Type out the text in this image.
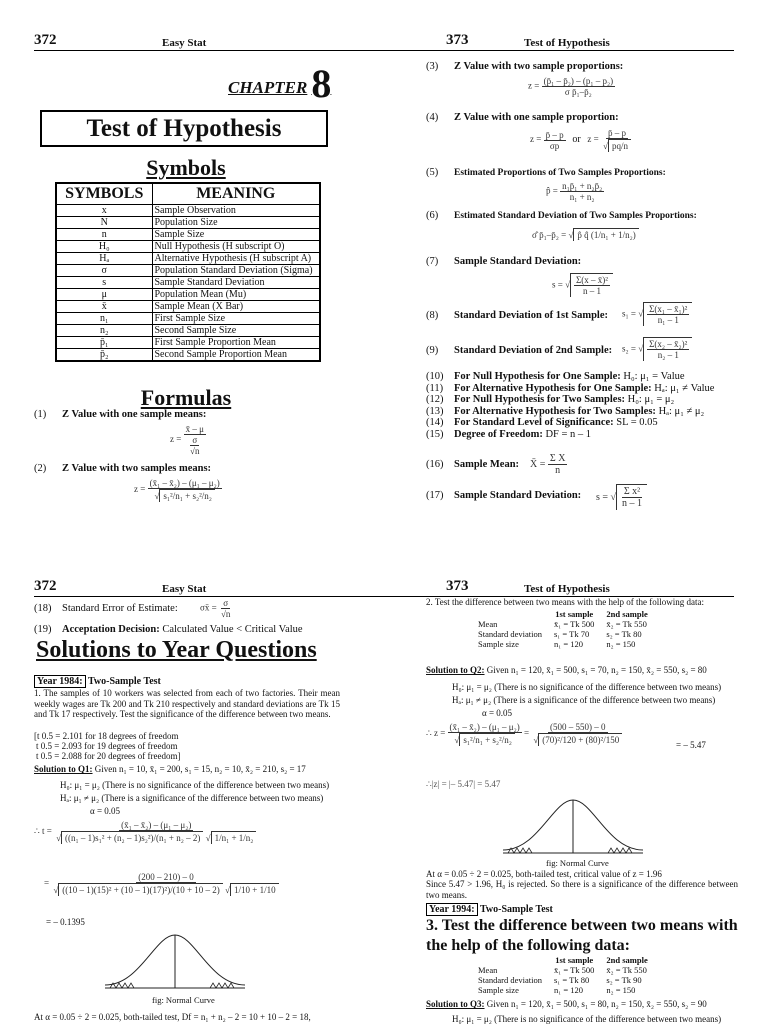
372	Easy Stat	Test of Hypothesis
373
CHAPTER 8
Test of Hypothesis
Symbols
SYMBOLS	MEANING
x	Sample Observation
N	Population Size
n	Sample Size
H₀	Null Hypothesis (H subscript O)
Hₐ	Alternative Hypothesis (H subscript A)
σ	Population Standard Deviation (Sigma)
s	Sample Standard Deviation
μ	Population Mean (Mu)
x̄	Sample Mean (X Bar)
n₁	First Sample Size
n₂	Second Sample Size
p̄₁	First Sample Proportion Mean
p̄₂	Second Sample Proportion Mean
Formulas
(1) Z Value with one sample means:
$z = \frac{x̄ - \mu}{\frac{\sigma}{√n}}$
(2) Z Value with two samples means:
$z = \frac{\text{(x̄₁ – x̄₂) – (μ₁ – μ₂)}}{\text{√ s₁²/n₁ + s₂²/n₂}}$
(3) Z Value with two sample proportions:
$z = \frac{\text{(p̄₁ – p̄₂) – (p₁ – p₂)}}{\text{σ p̄₁–p̄₂}}$
(4) Z Value with one sample proportion:
$z = \frac{p̄ - p}{\sigma p}$ or   $z = \frac{p̄ - p}{√ pq/n}$
(5) Estimated Proportions of Two Samples Proportions:
p̂ = $\frac{\text{n₁p̄₁ + n₂p̄₂}}{\text{n₁ + n₂}}$
(6) Estimated Standard Deviation of Two Samples Proportions:
σ̂ p̄₁–p̄₂ = √ p̂ q̂ (1/n₁ + 1/n₂)
(7) Sample Standard Deviation:
s = √ $\frac{\text{Σ(x – x̄)²}}{n - 1}$
(8) Standard Deviation of 1st Sample: s₁ = √ $\frac{\text{Σ(x₁ – x̄₁)²}}{\text{n₁ – 1}}$
(9) Standard Deviation of 2nd Sample: s₂ = √ $\frac{\text{Σ(x₂ – x̄₂)²}}{\text{n₂ – 1}}$
(10) For Null Hypothesis for One Sample: H₀: μ₁ = Value
(11) For Alternative Hypothesis for One Sample: Hₐ: μ₁ ≠ Value
(12) For Null Hypothesis for Two Samples: H₀: μ₁ = μ₂
(13) For Alternative Hypothesis for Two Samples: Hₐ: μ₁ ≠ μ₂
(14) For Standard Level of Significance: SL = 0.05
(15) Degree of Freedom: DF = n – 1
(16) Sample Mean: X̄ = $\frac{\text{Σ X}}{n}$
(17) Sample Standard Deviation: s = √ $\frac{\text{Σ x²}}{n - 1}$
372	Easy Stat	Test of Hypothesis
373
(18) Standard Error of Estimate: σx̄ = $\frac{\sigma}{√n}$
(19) Acceptation Decision: Calculated Value < Critical Value
Solutions to Year Questions
Year 1984: Two-Sample Test
1. The samples of 10 workers was selected from each of two factories. Their mean weekly wages are Tk 200 and Tk 210 respectively and standard deviations are Tk 15 and Tk 17 respectively. Test the significance of the difference between two means.
[t 0.5 = 2.101 for 18 degrees of freedom
t 0.5 = 2.093 for 19 degrees of freedom
t 0.5 = 2.088 for 20 degrees of freedom]
Solution to Q1: Given n₁ = 10, x̄₁ = 200, s₁ = 15, n₂ = 10, x̄₂ = 210, s₂ = 17
H₀: μ₁ = μ₂ (There is no significance of the difference between two means)
Hₐ: μ₁ ≠ μ₂ (There is a significance of the difference between two means)
α = 0.05
∴ $t = \frac{\text{(x̄₁ – x̄₂) – (μ₁ – μ₂)}}{\text{√ ((n₁ – 1)s₁² + (n₂ – 1)s₂²)/(n₁ + n₂ – 2) √ 1/n₁ + 1/n₂}}$
= $\frac{(200 - 210) - 0}{\text{√ ((10 – 1)(15)² + (10 – 1)(17)²)/(10 + 10 – 2) √ 1/10 + 1/10}}$
= – 0.1395
fig: Normal Curve
At α = 0.05 ÷ 2 = 0.025, both-tailed test, Df = n₁ + n₂ – 2 = 10 + 10 – 2 = 18,
2. Test the difference between two means with the help of the following data:
	1st sample	2nd sample
Mean	x̄₁ = Tk 500	x̄₂ = Tk 550
Standard deviation	s₁ = Tk 70	s₂ = Tk 80
Sample size	n₁ = 120	n₂ = 150
Solution to Q2: Given n₁ = 120, x̄₁ = 500, s₁ = 70, n₂ = 150, x̄₂ = 550, s₂ = 80
H₀: μ₁ = μ₂ (There is no significance of the difference between two means)
Hₐ: μ₁ ≠ μ₂ (There is a significance of the difference between two means)
α = 0.05
∴ $z = \frac{\text{(x̄₁ – x̄₂) – (μ₁ – μ₂)}}{\text{√ s₁²/n₁ + s₂²/n₂}} = \frac{(500 - 550) - 0}{\text{√ (70)²/120 + (80)²/150}}$	= – 5.47
∴|z| = |– 5.47| = 5.47
fig: Normal Curve
At α = 0.05 ÷ 2 = 0.025, both-tailed test, critical value of z = 1.96
Since 5.47 > 1.96, H₀ is rejected. So there is a significance of the difference between two means.
Year 1994: Two-Sample Test
3. Test the difference between two means with the help of the following data:
	1st sample	2nd sample
Mean	x̄₁ = Tk 500	x̄₂ = Tk 550
Standard deviation	s₁ = Tk 80	s₂ = Tk 90
Sample size	n₁ = 120	n₂ = 150
Solution to Q3: Given n₁ = 120, x̄₁ = 500, s₁ = 80, n₂ = 150, x̄₂ = 550, s₂ = 90
H₀: μ₁ = μ₂ (There is no significance of the difference between two means)
